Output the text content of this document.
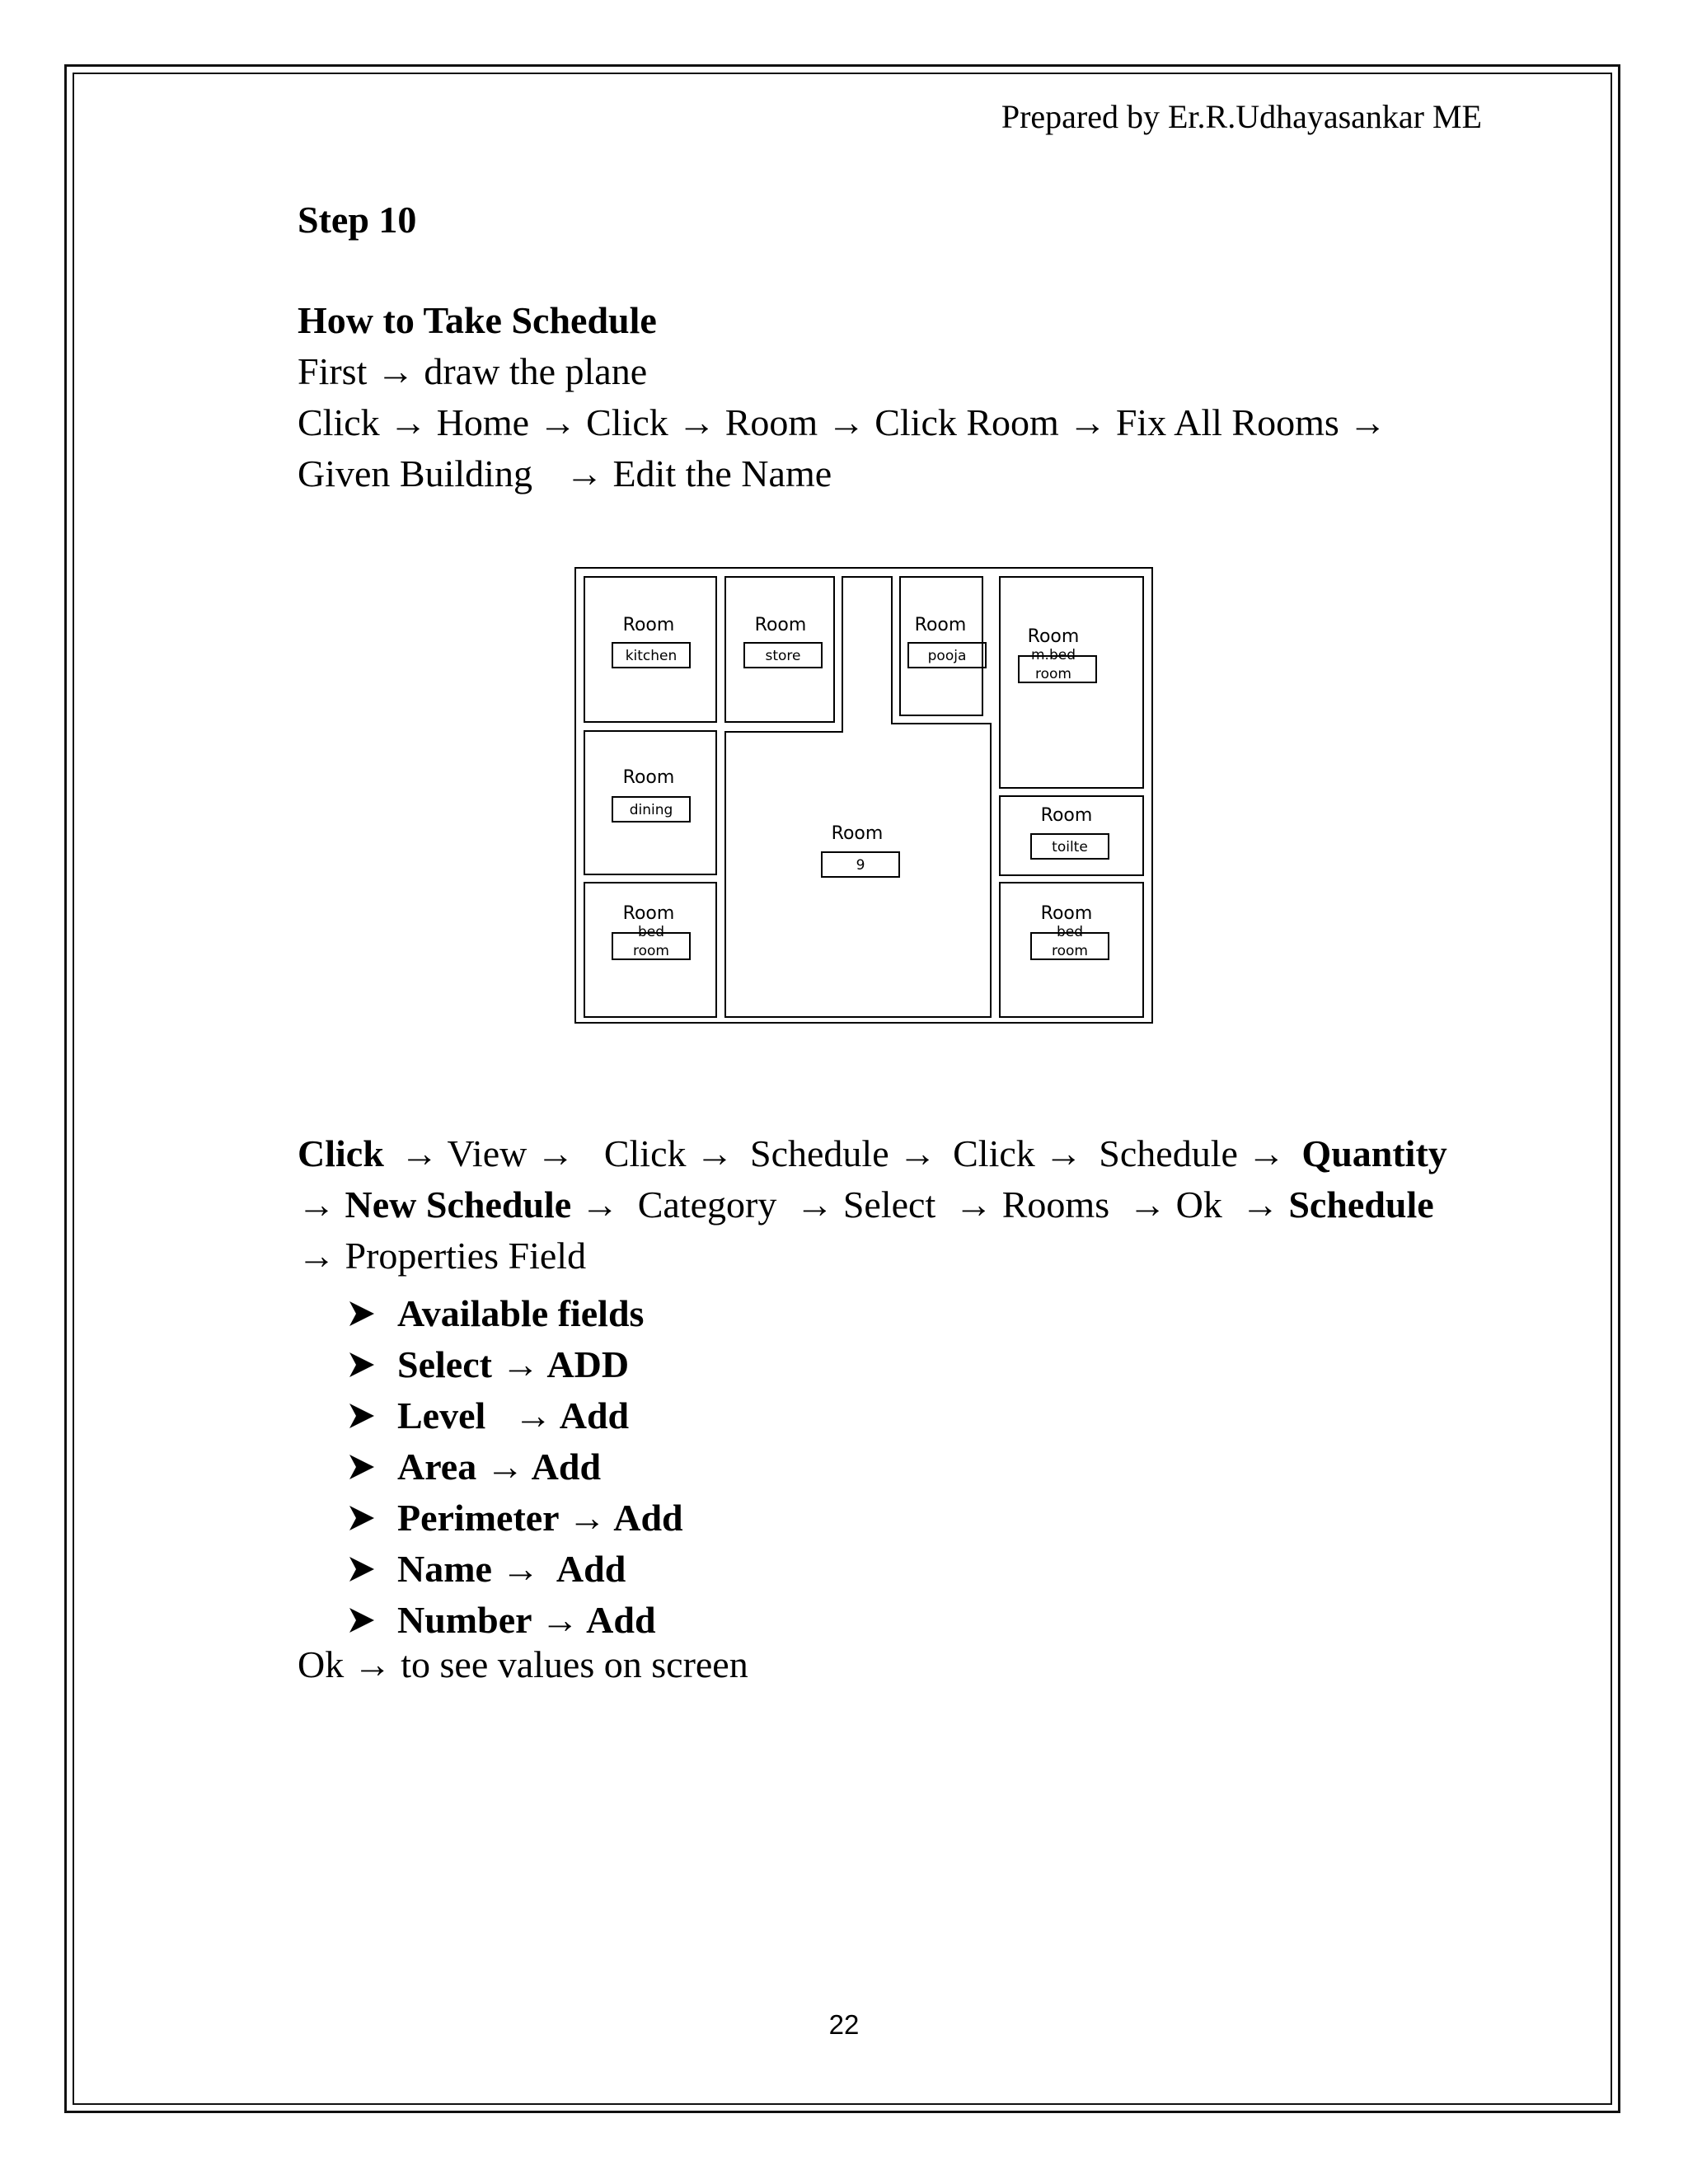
Prepared by Er.R.Udhayasankar ME
Step 10
How to Take Schedule
First → draw the plane
Click → Home → Click → Room → Click Room → Fix All Rooms →
Given Building → Edit the Name
Room	Room	Room
Room
Room
Room
Room
Room	Room
kitchen	store	pooja	m.bed
room
dining
9
toilte
bed
room
bed
room
Click → View → Click → Schedule → Click → Schedule → Quantity
→ New Schedule →  Category  → Select  → Rooms  → Ok  → Schedule
→ Properties Field
Available fields
Select → ADD
Level   → Add
Area → Add
Perimeter → Add
Name →  Add
Number → Add
Ok → to see values on screen
22
